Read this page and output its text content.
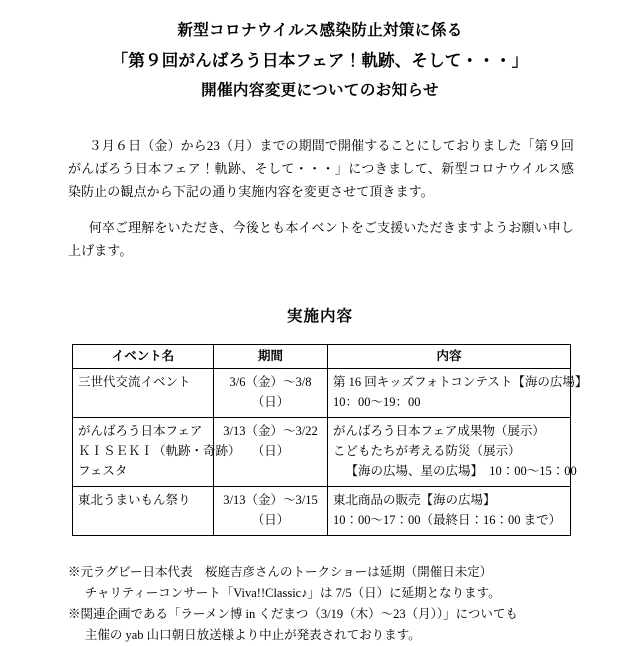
新型コロナウイルス感染防止対策に係る
「第９回がんばろう日本フェア！軌跡、そして・・・」
開催内容変更についてのお知らせ

３月６日（金）から23（月）までの期間で開催することにしておりました「第９回がんばろう日本フェア！軌跡、そして・・・」につきまして、新型コロナウイルス感染防止の観点から下記の通り実施内容を変更させて頂きます。

何卒ご理解をいただき、今後とも本イベントをご支援いただきますようお願い申し上げます。

実施内容
イベント名	期間	内容

三世代交流イベント	3/6（金）～3/8（日）	第 16 回キッズフォトコンテスト【海の広場】
10：00～19：00

がんばろう日本フェア
ＫＩＳＥＫＩ（軌跡・奇跡）
フェスタ	3/13（金）～3/22（日）	がんばろう日本フェア成果物（展示）
こどもたちが考える防災（展示）
【海の広場、星の広場】　10：00～15：00

東北うまいもん祭り	3/13（金）～3/15（日）	東北商品の販売【海の広場】
10：00～17：00（最終日：16：00 まで）
※元ラグビー日本代表　桜庭吉彦さんのトークショーは延期（開催日未定）
チャリティーコンサート「Viva!!Classic♪」は 7/5（日）に延期となります。
※関連企画である「ラーメン博 in くだまつ（3/19（木）～23（月））」についても
主催の yab 山口朝日放送様より中止が発表されております。
